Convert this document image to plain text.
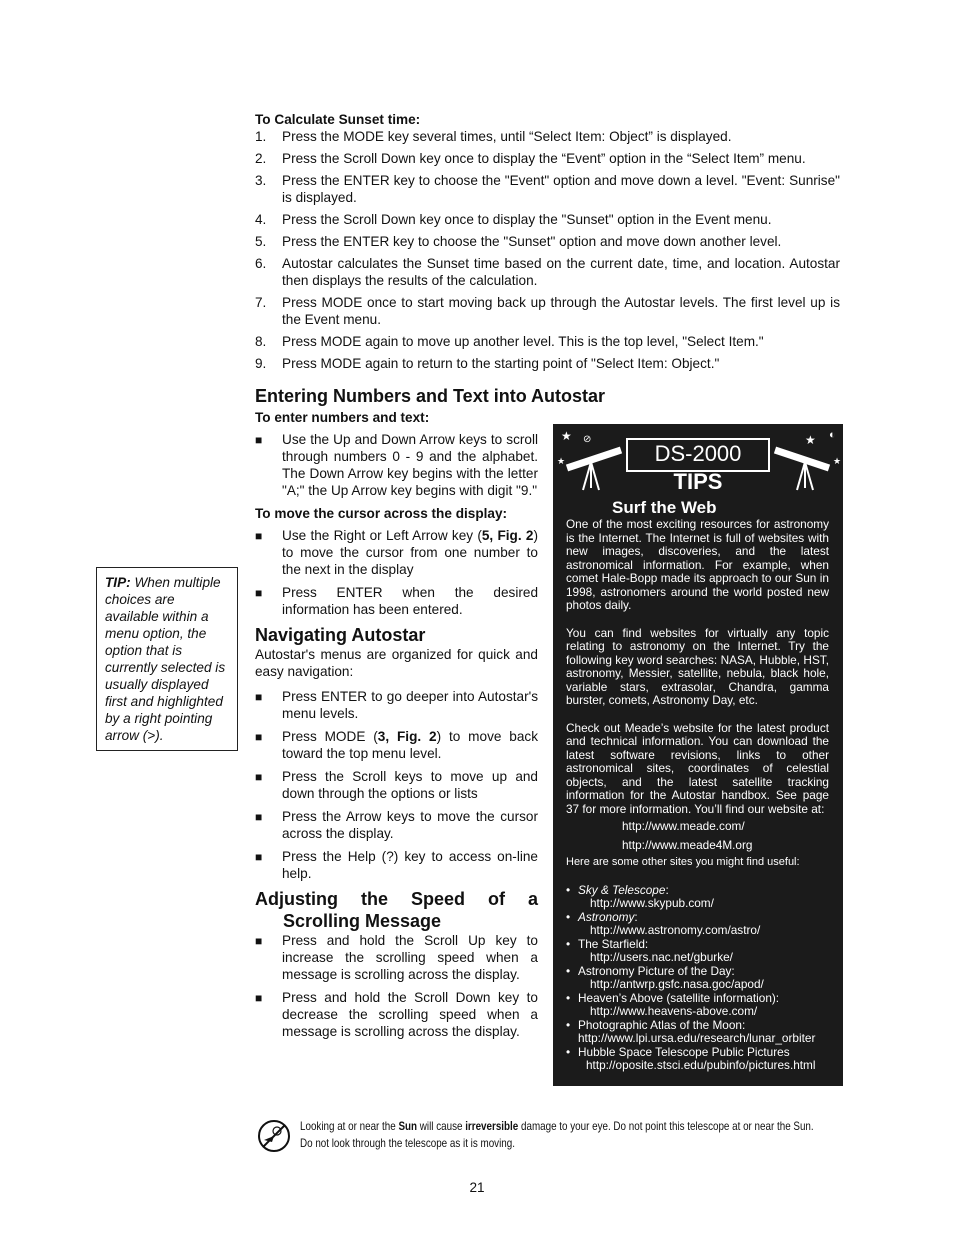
To Calculate Sunset time:
1. Press the MODE key several times, until “Select Item: Object” is displayed.
2. Press the Scroll Down key once to display the “Event” option in the “Select Item” menu.
3. Press the ENTER key to choose the "Event" option and move down a level. "Event: Sunrise" is displayed.
4. Press the Scroll Down key once to display the "Sunset" option in the Event menu.
5. Press the ENTER key to choose the "Sunset" option and move down another level.
6. Autostar calculates the Sunset time based on the current date, time, and location. Autostar then displays the results of the calculation.
7. Press MODE once to start moving back up through the Autostar levels. The first level up is the Event menu.
8. Press MODE again to move up another level. This is the top level, "Select Item."
9. Press MODE again to return to the starting point of "Select Item: Object."
Entering Numbers and Text into Autostar
To enter numbers and text:
■ Use the Up and Down Arrow keys to scroll through numbers 0 - 9 and the alphabet. The Down Arrow key begins with the letter "A;" the Up Arrow key begins with digit "9."
To move the cursor across the display:
■ Use the Right or Left Arrow key (5, Fig. 2) to move the cursor from one number to the next in the display
■ Press ENTER when the desired information has been entered.
Navigating Autostar
Autostar's menus are organized for quick and easy navigation:
■ Press ENTER to go deeper into Autostar's menu levels.
■ Press MODE (3, Fig. 2) to move back toward the top menu level.
■ Press the Scroll keys to move up and down through the options or lists
■ Press the Arrow keys to move the cursor across the display.
■ Press the Help (?) key to access on-line help.
Adjusting the Speed of a
Scrolling Message
■ Press and hold the Scroll Up key to increase the scrolling speed when a message is scrolling across the display.
■ Press and hold the Scroll Down key to decrease the scrolling speed when a message is scrolling across the display.
TIP: When multiple choices are available within a menu option, the option that is currently selected is usually displayed first and highlighted by a right pointing arrow (>).
★ ⊘	★ ◐
★	★
DS-2000 TIPS
Surf the Web
One of the most exciting resources for astronomy is the Internet. The Internet is full of websites with new images, discoveries, and the latest astronomical information. For example, when comet Hale-Bopp made its approach to our Sun in 1998, astronomers around the world posted new photos daily.
You can find websites for virtually any topic relating to astronomy on the Internet. Try the following key word searches: NASA, Hubble, HST, astronomy, Messier, satellite, nebula, black hole, variable stars, extrasolar, Chandra, gamma burster, comets, Astronomy Day, etc.
Check out Meade’s website for the latest product and technical information. You can download the latest software revisions, links to other astronomical sites, coordinates of celestial objects, and the latest satellite tracking information for the Autostar handbox. See page 37 for more information. You’ll find our website at:
http://www.meade.com/
http://www.meade4M.org
Here are some other sites you might find useful:
• Sky & Telescope:
http://www.skypub.com/
• Astronomy:
http://www.astronomy.com/astro/
• The Starfield:
http://users.nac.net/gburke/
• Astronomy Picture of the Day:
http://antwrp.gsfc.nasa.goc/apod/
• Heaven’s Above (satellite information):
http://www.heavens-above.com/
• Photographic Atlas of the Moon:
http://www.lpi.ursa.edu/research/lunar_orbiter
• Hubble Space Telescope Public Pictures
http://oposite.stsci.edu/pubinfo/pictures.html
Looking at or near the Sun will cause irreversible damage to your eye. Do not point this telescope at or near the Sun. Do not look through the telescope as it is moving.
21
